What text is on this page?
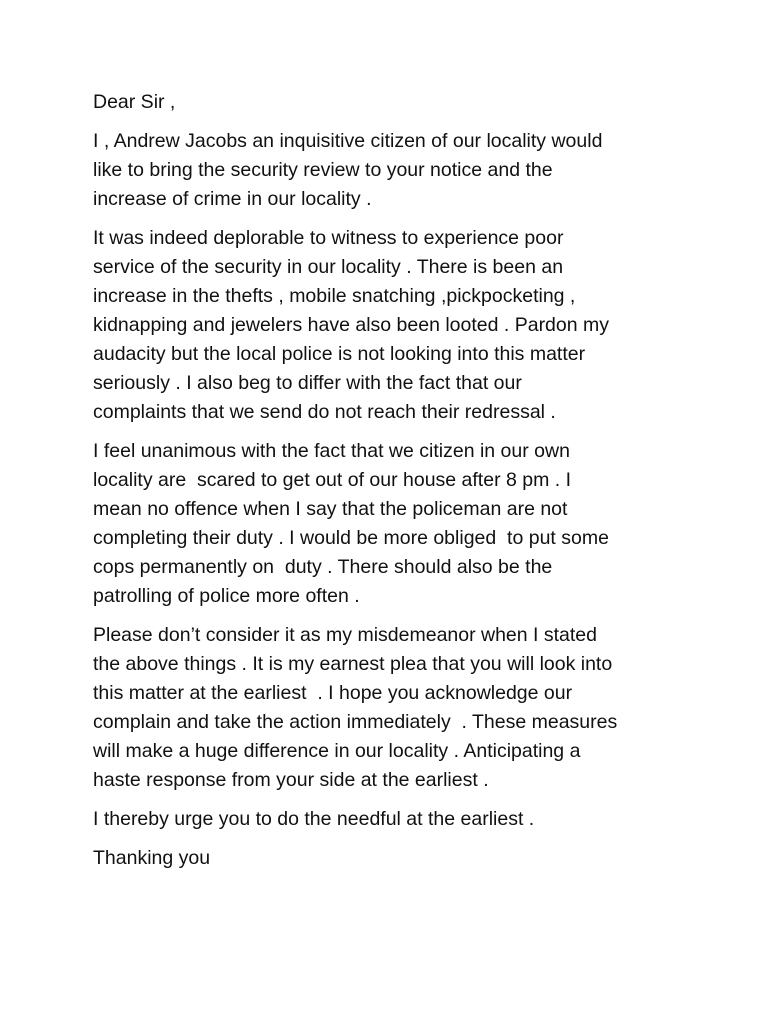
Dear Sir ,

I , Andrew Jacobs an inquisitive citizen of our locality would
like to bring the security review to your notice and the
increase of crime in our locality .

It was indeed deplorable to witness to experience poor
service of the security in our locality . There is been an
increase in the thefts , mobile snatching ,pickpocketing ,
kidnapping and jewelers have also been looted . Pardon my
audacity but the local police is not looking into this matter
seriously . I also beg to differ with the fact that our
complaints that we send do not reach their redressal .

I feel unanimous with the fact that we citizen in our own
locality are  scared to get out of our house after 8 pm . I
mean no offence when I say that the policeman are not
completing their duty . I would be more obliged  to put some
cops permanently on  duty . There should also be the
patrolling of police more often .

Please don’t consider it as my misdemeanor when I stated
the above things . It is my earnest plea that you will look into
this matter at the earliest  . I hope you acknowledge our
complain and take the action immediately  . These measures
will make a huge difference in our locality . Anticipating a
haste response from your side at the earliest .

I thereby urge you to do the needful at the earliest .

Thanking you
